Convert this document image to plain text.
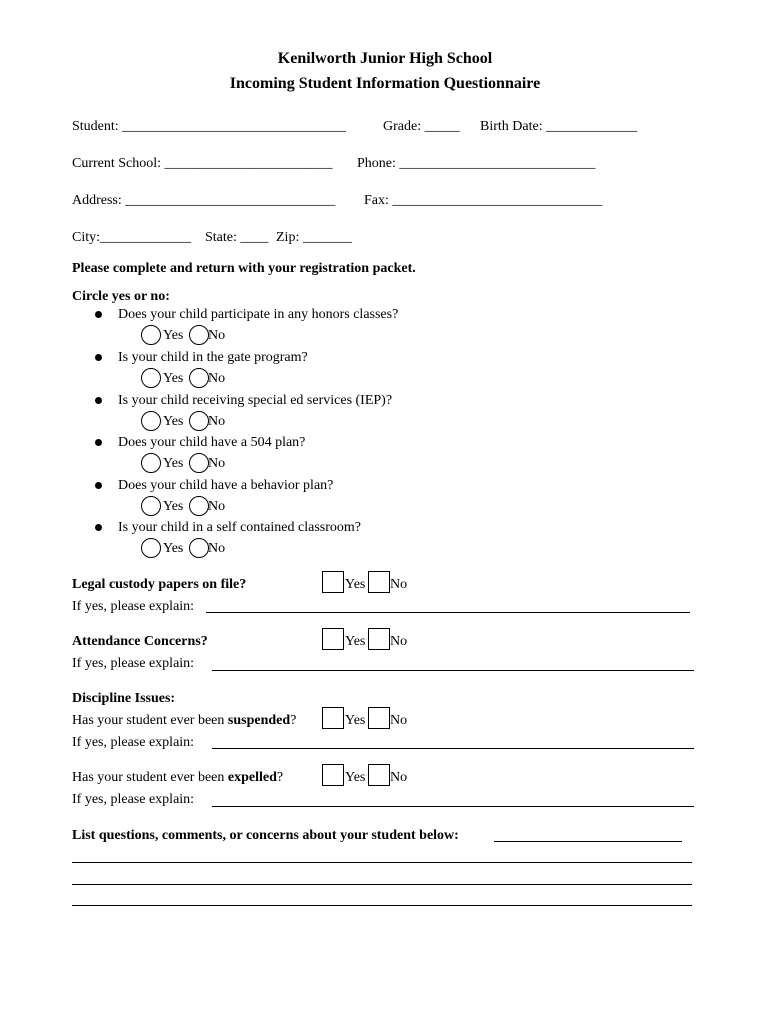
Kenilworth Junior High School
Incoming Student Information Questionnaire
Student: ________________________________	Grade: _____ Birth Date: _____________
Current School: ________________________ Phone: ____________________________
Address: ______________________________ Fax: ______________________________
City:_____________ State: ____ Zip: _______
Please complete and return with your registration packet.
Circle yes or no:
Does your child participate in any honors classes?
Yes No
Is your child in the gate program?
Yes No
Is your child receiving special ed services (IEP)?
Yes No
Does your child have a 504 plan?
Yes No
Does your child have a behavior plan?
Yes No
Is your child in a self contained classroom?
Yes No
Legal custody papers on file?	Yes No
If yes, please explain:
Attendance Concerns?	Yes No
If yes, please explain:
Discipline Issues:
Has your student ever been suspended?	Yes No
If yes, please explain:
Has your student ever been expelled?	Yes No
If yes, please explain:
List questions, comments, or concerns about your student below:
